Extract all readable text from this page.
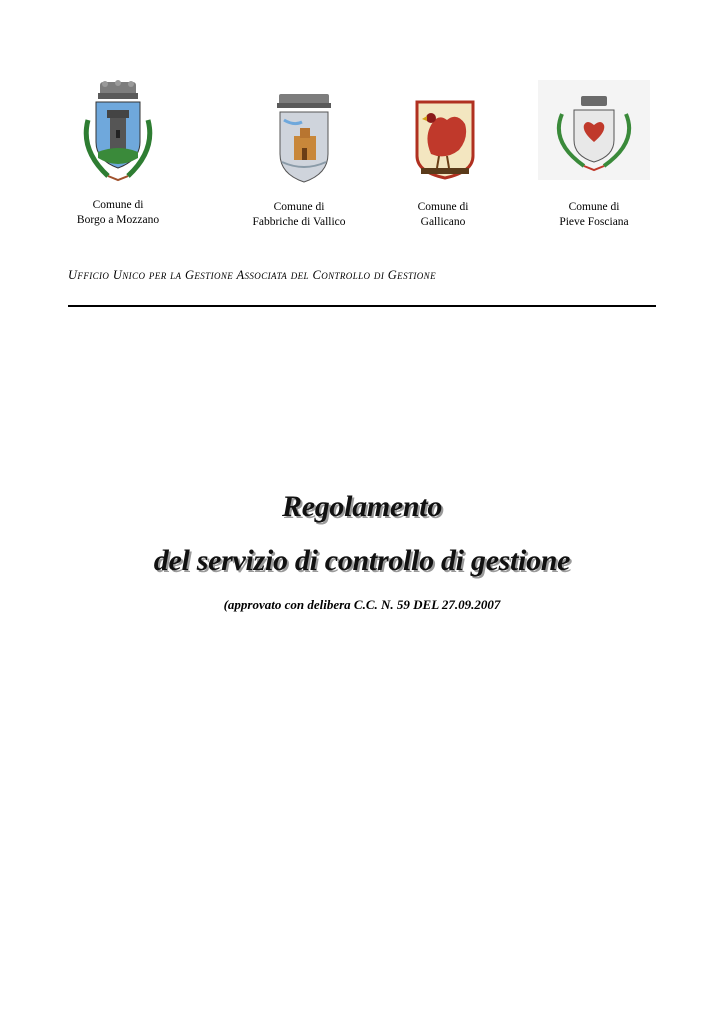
Comune di
Borgo a Mozzano
Comune di
Fabbriche di Vallico
Comune di
Gallicano
Comune di
Pieve Fosciana
Ufficio Unico per la Gestione Associata del Controllo di Gestione
Regolamento
del servizio di controllo di gestione
(approvato con delibera C.C. N. 59 DEL 27.09.2007
